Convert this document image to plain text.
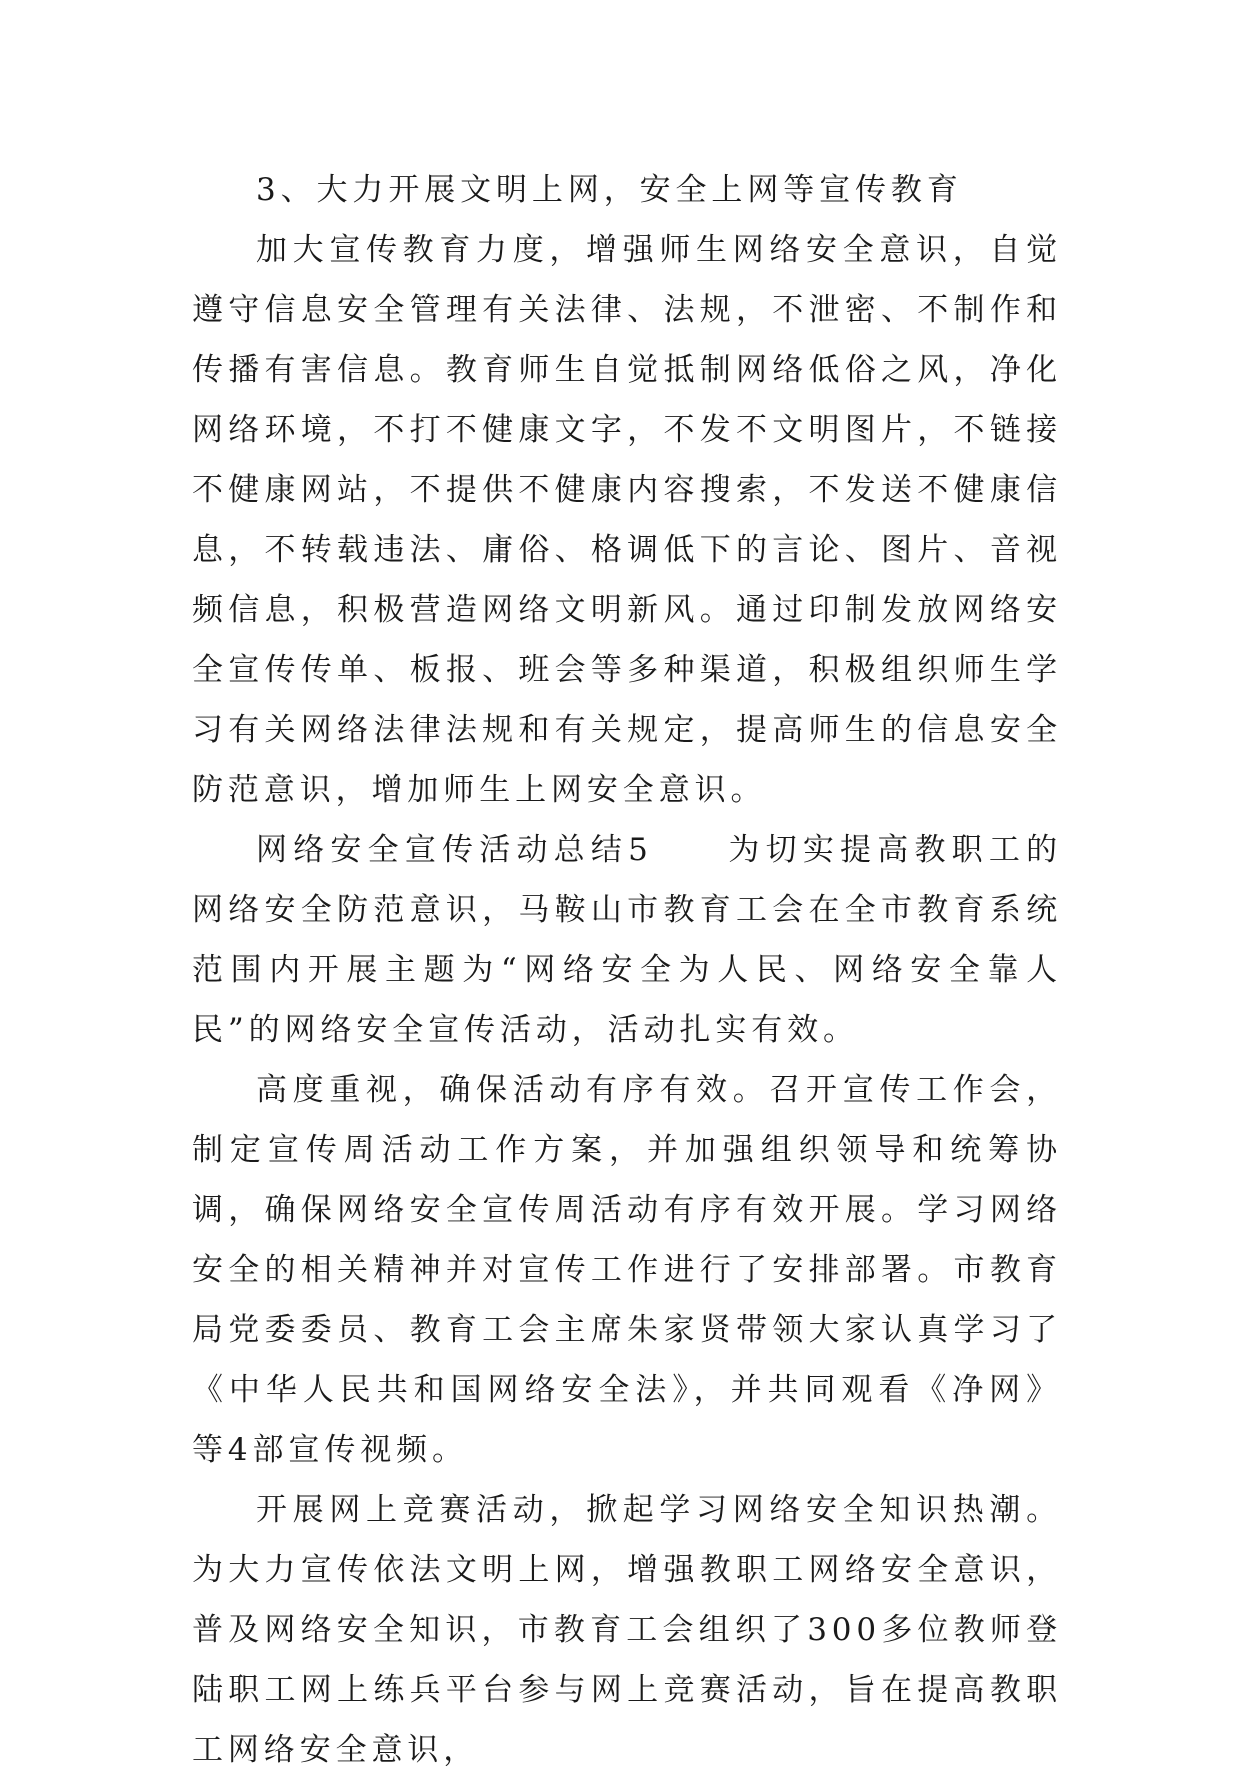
3、大力开展文明上网，安全上网等宣传教育

加大宣传教育力度，增强师生网络安全意识，自觉遵守信息安全管理有关法律、法规，不泄密、不制作和传播有害信息。教育师生自觉抵制网络低俗之风，净化网络环境，不打不健康文字，不发不文明图片，不链接不健康网站，不提供不健康内容搜索，不发送不健康信息，不转载违法、庸俗、格调低下的言论、图片、音视频信息，积极营造网络文明新风。通过印制发放网络安全宣传传单、板报、班会等多种渠道，积极组织师生学习有关网络法律法规和有关规定，提高师生的信息安全防范意识，增加师生上网安全意识。

网络安全宣传活动总结5　　为切实提高教职工的网络安全防范意识，马鞍山市教育工会在全市教育系统范围内开展主题为“网络安全为人民、网络安全靠人民”的网络安全宣传活动，活动扎实有效。

高度重视，确保活动有序有效。召开宣传工作会，制定宣传周活动工作方案，并加强组织领导和统筹协调，确保网络安全宣传周活动有序有效开展。学习网络安全的相关精神并对宣传工作进行了安排部署。市教育局党委委员、教育工会主席朱家贤带领大家认真学习了《中华人民共和国网络安全法》，并共同观看《净网》等4部宣传视频。

开展网上竞赛活动，掀起学习网络安全知识热潮。为大力宣传依法文明上网，增强教职工网络安全意识，普及网络安全知识，市教育工会组织了300多位教师登陆职工网上练兵平台参与网上竞赛活动，旨在提高教职工网络安全意识，
